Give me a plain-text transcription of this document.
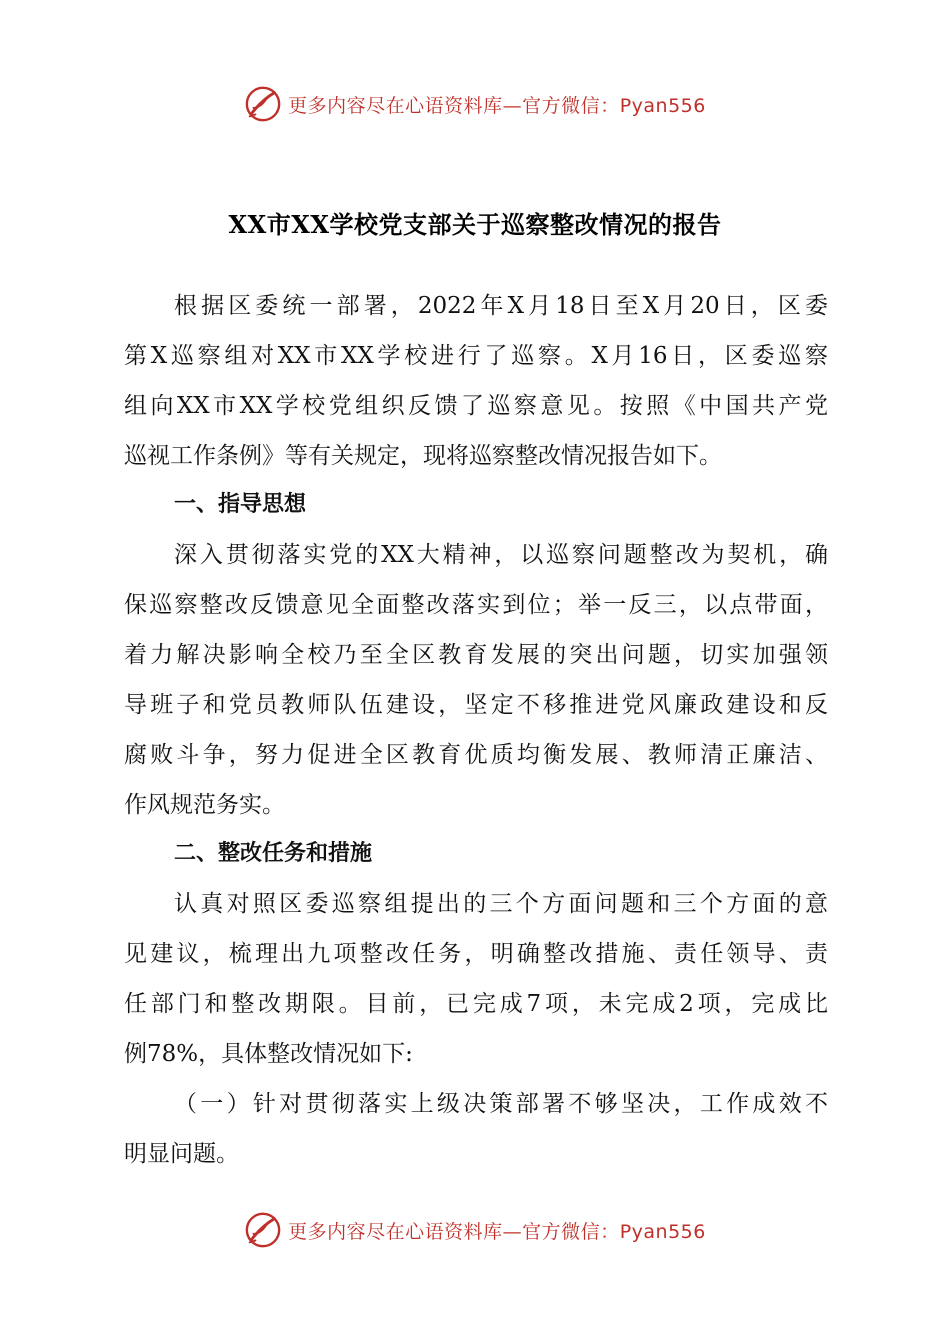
更多内容尽在心语资料库—官方微信：Pyan556
XX市XX学校党支部关于巡察整改情况的报告
根据区委统一部署，2022年X月18日至X月20日，区委
第X巡察组对XX市XX学校进行了巡察。X月16日，区委巡察
组向XX市XX学校党组织反馈了巡察意见。按照《中国共产党
巡视工作条例》等有关规定，现将巡察整改情况报告如下。
一、指导思想
深入贯彻落实党的XX大精神，以巡察问题整改为契机，确
保巡察整改反馈意见全面整改落实到位；举一反三，以点带面，
着力解决影响全校乃至全区教育发展的突出问题，切实加强领
导班子和党员教师队伍建设，坚定不移推进党风廉政建设和反
腐败斗争，努力促进全区教育优质均衡发展、教师清正廉洁、
作风规范务实。
二、整改任务和措施
认真对照区委巡察组提出的三个方面问题和三个方面的意
见建议，梳理出九项整改任务，明确整改措施、责任领导、责
任部门和整改期限。目前，已完成7项，未完成2项，完成比
例78%，具体整改情况如下:
（一）针对贯彻落实上级决策部署不够坚决，工作成效不
明显问题。
更多内容尽在心语资料库—官方微信：Pyan556
